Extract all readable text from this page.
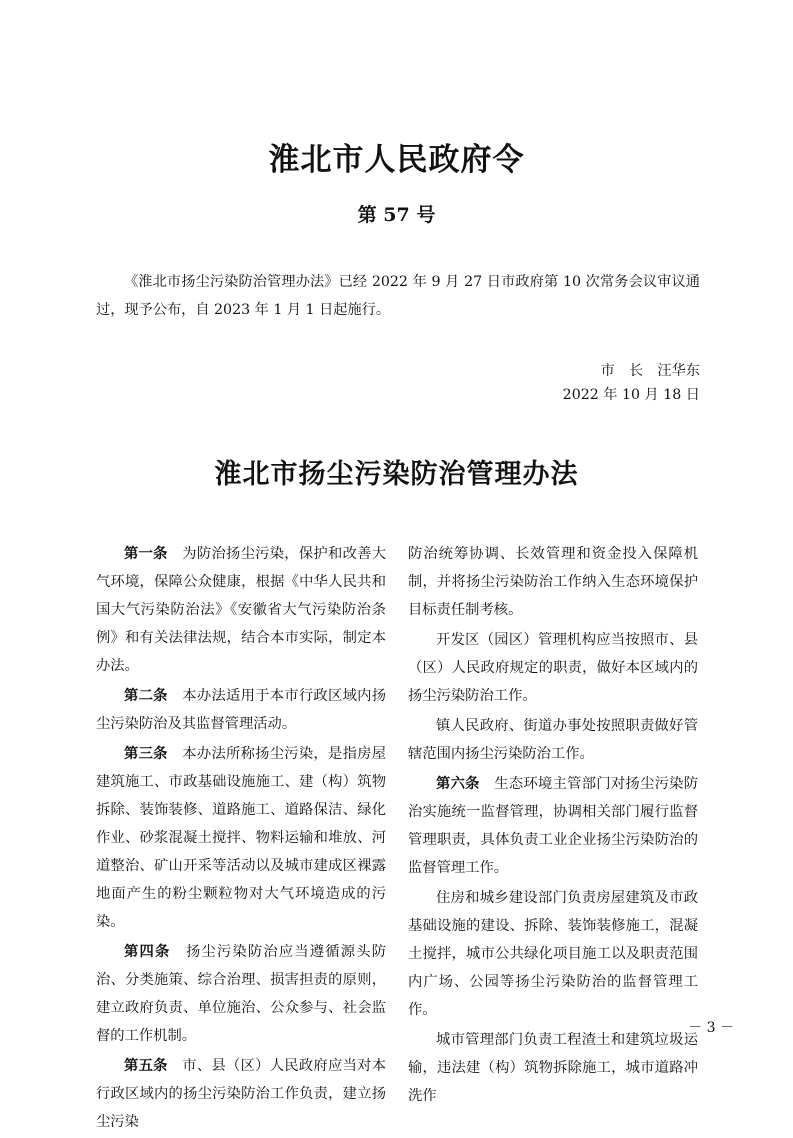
淮北市人民政府令
第 57 号
《淮北市扬尘污染防治管理办法》已经 2022 年 9 月 27 日市政府第 10 次常务会议审议通过，现予公布，自 2023 年 1 月 1 日起施行。
市　长　汪华东
2022 年 10 月 18 日
淮北市扬尘污染防治管理办法

第一条　 为防治扬尘污染，保护和改善大气环境，保障公众健康，根据《中华人民共和国大气污染防治法》《安徽省大气污染防治条例》和有关法律法规，结合本市实际，制定本办法。

第二条　 本办法适用于本市行政区域内扬尘污染防治及其监督管理活动。

第三条　 本办法所称扬尘污染，是指房屋建筑施工、市政基础设施施工、建（构）筑物拆除、装饰装修、道路施工、道路保洁、绿化作业、砂浆混凝土搅拌、物料运输和堆放、河道整治、矿山开采等活动以及城市建成区裸露地面产生的粉尘颗粒物对大气环境造成的污染。

第四条　 扬尘污染防治应当遵循源头防治、分类施策、综合治理、损害担责的原则，建立政府负责、单位施治、公众参与、社会监督的工作机制。

第五条　 市、县（区）人民政府应当对本行政区域内的扬尘污染防治工作负责，建立扬尘污染

防治统筹协调、长效管理和资金投入保障机制，并将扬尘污染防治工作纳入生态环境保护目标责任制考核。

开发区（园区）管理机构应当按照市、县（区）人民政府规定的职责，做好本区域内的扬尘污染防治工作。

镇人民政府、街道办事处按照职责做好管辖范围内扬尘污染防治工作。

第六条　 生态环境主管部门对扬尘污染防治实施统一监督管理，协调相关部门履行监督管理职责，具体负责工业企业扬尘污染防治的监督管理工作。

住房和城乡建设部门负责房屋建筑及市政基础设施的建设、拆除、装饰装修施工，混凝土搅拌，城市公共绿化项目施工以及职责范围内广场、公园等扬尘污染防治的监督管理工作。

城市管理部门负责工程渣土和建筑垃圾运输，违法建（构）筑物拆除施工，城市道路冲洗作

－ 3 －
